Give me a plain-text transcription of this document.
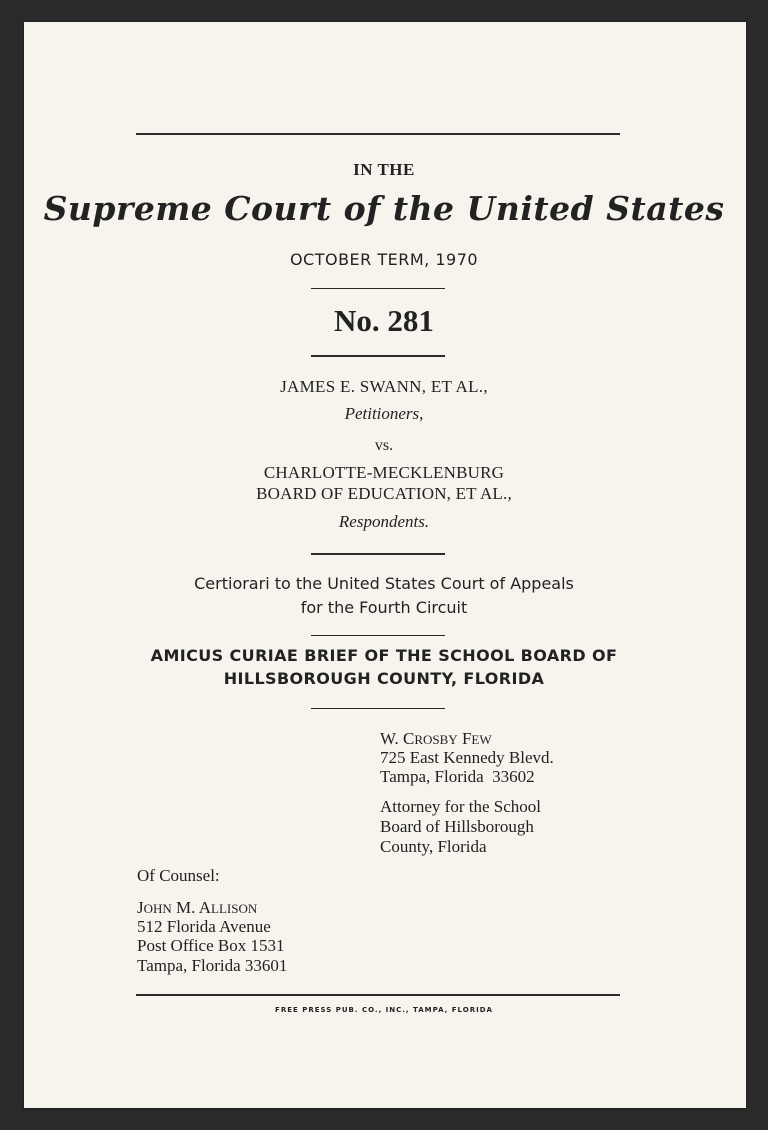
IN THE
Supreme Court of the United States
OCTOBER TERM, 1970
No. 281
JAMES E. SWANN, ET AL.,
Petitioners,
vs.
CHARLOTTE-MECKLENBURG
BOARD OF EDUCATION, ET AL.,
Respondents.
Certiorari to the United States Court of Appeals
for the Fourth Circuit
AMICUS CURIAE BRIEF OF THE SCHOOL BOARD OF
HILLSBOROUGH COUNTY, FLORIDA
W. CROSBY FEW
725 East Kennedy Blevd.
Tampa, Florida  33602
Attorney for the School
Board of Hillsborough
County, Florida
Of Counsel:
JOHN M. ALLISON
512 Florida Avenue
Post Office Box 1531
Tampa, Florida 33601
FREE PRESS PUB. CO., INC., TAMPA, FLORIDA
